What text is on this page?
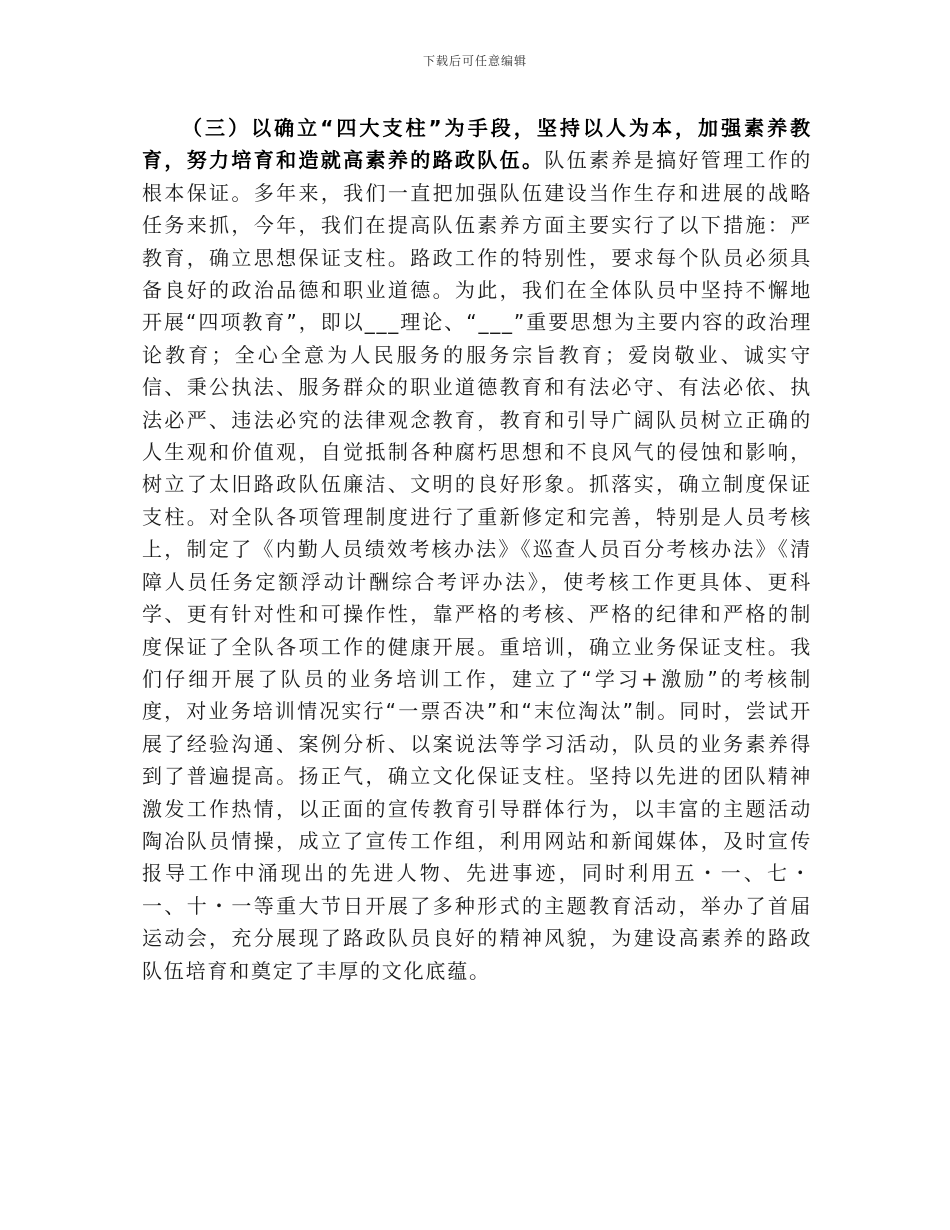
下载后可任意编辑

（三）以确立“四大支柱”为手段，坚持以人为本，加强素养教育，努力培育和造就高素养的路政队伍。队伍素养是搞好管理工作的根本保证。多年来，我们一直把加强队伍建设当作生存和进展的战略任务来抓，今年，我们在提高队伍素养方面主要实行了以下措施：严教育，确立思想保证支柱。路政工作的特别性，要求每个队员必须具备良好的政治品德和职业道德。为此，我们在全体队员中坚持不懈地开展“四项教育”，即以___理论、“___”重要思想为主要内容的政治理论教育；全心全意为人民服务的服务宗旨教育；爱岗敬业、诚实守信、秉公执法、服务群众的职业道德教育和有法必守、有法必依、执法必严、违法必究的法律观念教育，教育和引导广阔队员树立正确的人生观和价值观，自觉抵制各种腐朽思想和不良风气的侵蚀和影响，树立了太旧路政队伍廉洁、文明的良好形象。抓落实，确立制度保证支柱。对全队各项管理制度进行了重新修定和完善，特别是人员考核上，制定了《内勤人员绩效考核办法》《巡查人员百分考核办法》《清障人员任务定额浮动计酬综合考评办法》，使考核工作更具体、更科学、更有针对性和可操作性，靠严格的考核、严格的纪律和严格的制度保证了全队各项工作的健康开展。重培训，确立业务保证支柱。我们仔细开展了队员的业务培训工作，建立了“学习+激励”的考核制度，对业务培训情况实行“一票否决”和“末位淘汰”制。同时，尝试开展了经验沟通、案例分析、以案说法等学习活动，队员的业务素养得到了普遍提高。扬正气，确立文化保证支柱。坚持以先进的团队精神激发工作热情，以正面的宣传教育引导群体行为，以丰富的主题活动陶冶队员情操，成立了宣传工作组，利用网站和新闻媒体，及时宣传报导工作中涌现出的先进人物、先进事迹，同时利用五・一、七・一、十・一等重大节日开展了多种形式的主题教育活动，举办了首届运动会，充分展现了路政队员良好的精神风貌，为建设高素养的路政队伍培育和奠定了丰厚的文化底蕴。
